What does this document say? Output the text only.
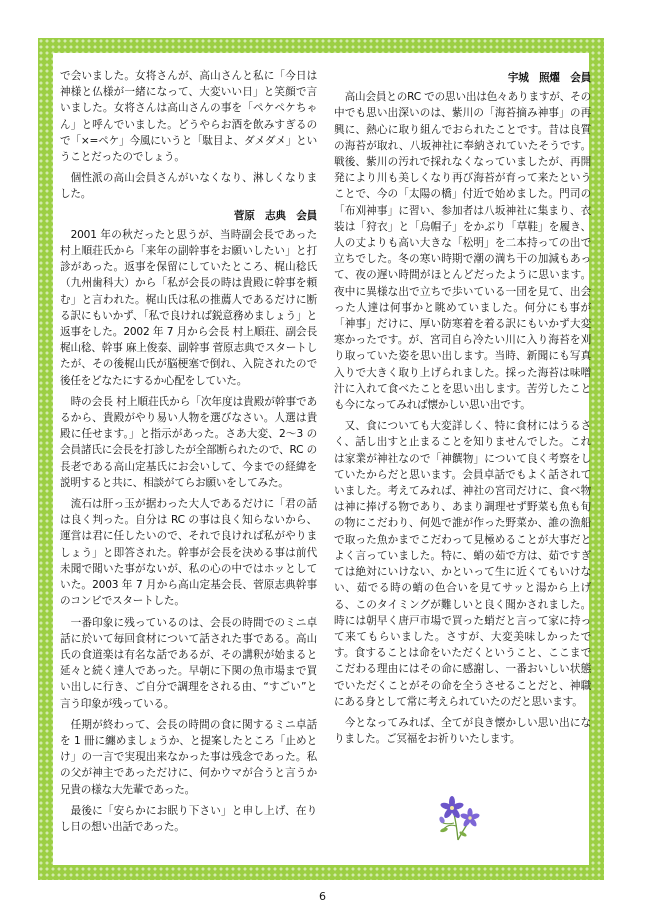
で会いました。女将さんが、高山さんと私に「今日は神様と仏様が一緒になって、大変いい日」と笑顔で言いました。女将さんは高山さんの事を「ペケペケちゃん」と呼んでいました。どうやらお酒を飲みすぎるので「×=ペケ」今風にいうと「駄目よ、ダメダメ」ということだったのでしょう。

個性派の高山会員さんがいなくなり、淋しくなりました。

菅原　志典　会員

2001 年の秋だったと思うが、当時副会長であった村上順荘氏から「来年の副幹事をお願いしたい」と打診があった。返事を保留にしていたところ、梶山稔氏（九州歯科大）から「私が会長の時は貴殿に幹事を頼む」と言われた。梶山氏は私の推薦人であるだけに断る訳にもいかず、「私で良ければ鋭意務めましょう」と返事をした。2002 年 7 月から会長 村上順荘、副会長 梶山稔、幹事 麻上俊泰、副幹事 菅原志典でスタートしたが、その後梶山氏が脳梗塞で倒れ、入院されたので後任をどなたにするか心配をしていた。

時の会長 村上順荘氏から「次年度は貴殿が幹事であるから、貴殿がやり易い人物を選びなさい。人選は貴殿に任せます。」と指示があった。さあ大変、2～3 の会員諸氏に会長を打診したが全部断られたので、RC の長老である高山定基氏にお会いして、今までの経緯を説明すると共に、相談がてらお願いをしてみた。

流石は肝っ玉が据わった大人であるだけに「君の話は良く判った。自分は RC の事は良く知らないから、運営は君に任したいので、それで良ければ私がやりましょう」と即答された。幹事が会長を決める事は前代未聞で聞いた事がないが、私の心の中ではホッとしていた。2003 年 7 月から高山定基会長、菅原志典幹事のコンビでスタートした。

一番印象に残っているのは、会長の時間でのミニ卓話に於いて毎回食材について話された事である。高山氏の食道楽は有名な話であるが、その講釈が始まると延々と続く達人であった。早朝に下関の魚市場まで買い出しに行き、ご自分で調理をされる由、“すごい”と言う印象が残っている。

任期が終わって、会長の時間の食に関するミニ卓話を 1 冊に纏めましょうか、と提案したところ「止めとけ」の一言で実現出来なかった事は残念であった。私の父が神主であっただけに、何かウマが合うと言うか兄貴の様な大先輩であった。

最後に「安らかにお眠り下さい」と申し上げ、在りし日の想い出話であった。

宇城　照燿　会員

高山会員とのRC での思い出は色々ありますが、その中でも思い出深いのは、紫川の「海苔摘み神事」の再興に、熱心に取り組んでおられたことです。昔は良質の海苔が取れ、八坂神社に奉納されていたそうです。戦後、紫川の汚れで採れなくなっていましたが、再開発により川も美しくなり再び海苔が育って来たということで、今の「太陽の橋」付近で始めました。門司の「布刈神事」に習い、参加者は八坂神社に集まり、衣装は「狩衣」と「烏帽子」をかぶり「草鞋」を履き、人の丈よりも高い大きな「松明」を二本持っての出で立ちでした。冬の寒い時期で潮の満ち干の加減もあって、夜の遅い時間がほとんどだったように思います。夜中に異様な出で立ちで歩いている一団を見て、出会った人達は何事かと眺めていました。何分にも事が「神事」だけに、厚い防寒着を着る訳にもいかず大変寒かったです。が、宮司自ら冷たい川に入り海苔を刈り取っていた姿を思い出します。当時、新聞にも写真入りで大きく取り上げられました。採った海苔は味噌汁に入れて食べたことを思い出します。苦労したことも今になってみれば懐かしい思い出です。

又、食についても大変詳しく、特に食材にはうるさく、話し出すと止まることを知りませんでした。これは家業が神社なので「神饌物」について良く考察をしていたからだと思います。会員卓話でもよく話されていました。考えてみれば、神社の宮司だけに、食べ物は神に捧げる物であり、あまり調理せず野菜も魚も旬の物にこだわり、何処で誰が作った野菜か、誰の漁船で取った魚かまでこだわって見極めることが大事だとよく言っていました。特に、蛸の茹で方は、茹ですぎては絶対にいけない、かといって生に近くてもいけない、茹でる時の蛸の色合いを見てサッと湯から上げる、このタイミングが難しいと良く聞かされました。時には朝早く唐戸市場で買った蛸だと言って家に持って来てもらいました。さすが、大変美味しかったです。食することは命をいただくということ、ここまでこだわる理由にはその命に感謝し、一番おいしい状態でいただくことがその命を全うさせることだと、神職にある身として常に考えられていたのだと思います。

今となってみれば、全てが良き懐かしい思い出になりました。ご冥福をお祈りいたします。

6
